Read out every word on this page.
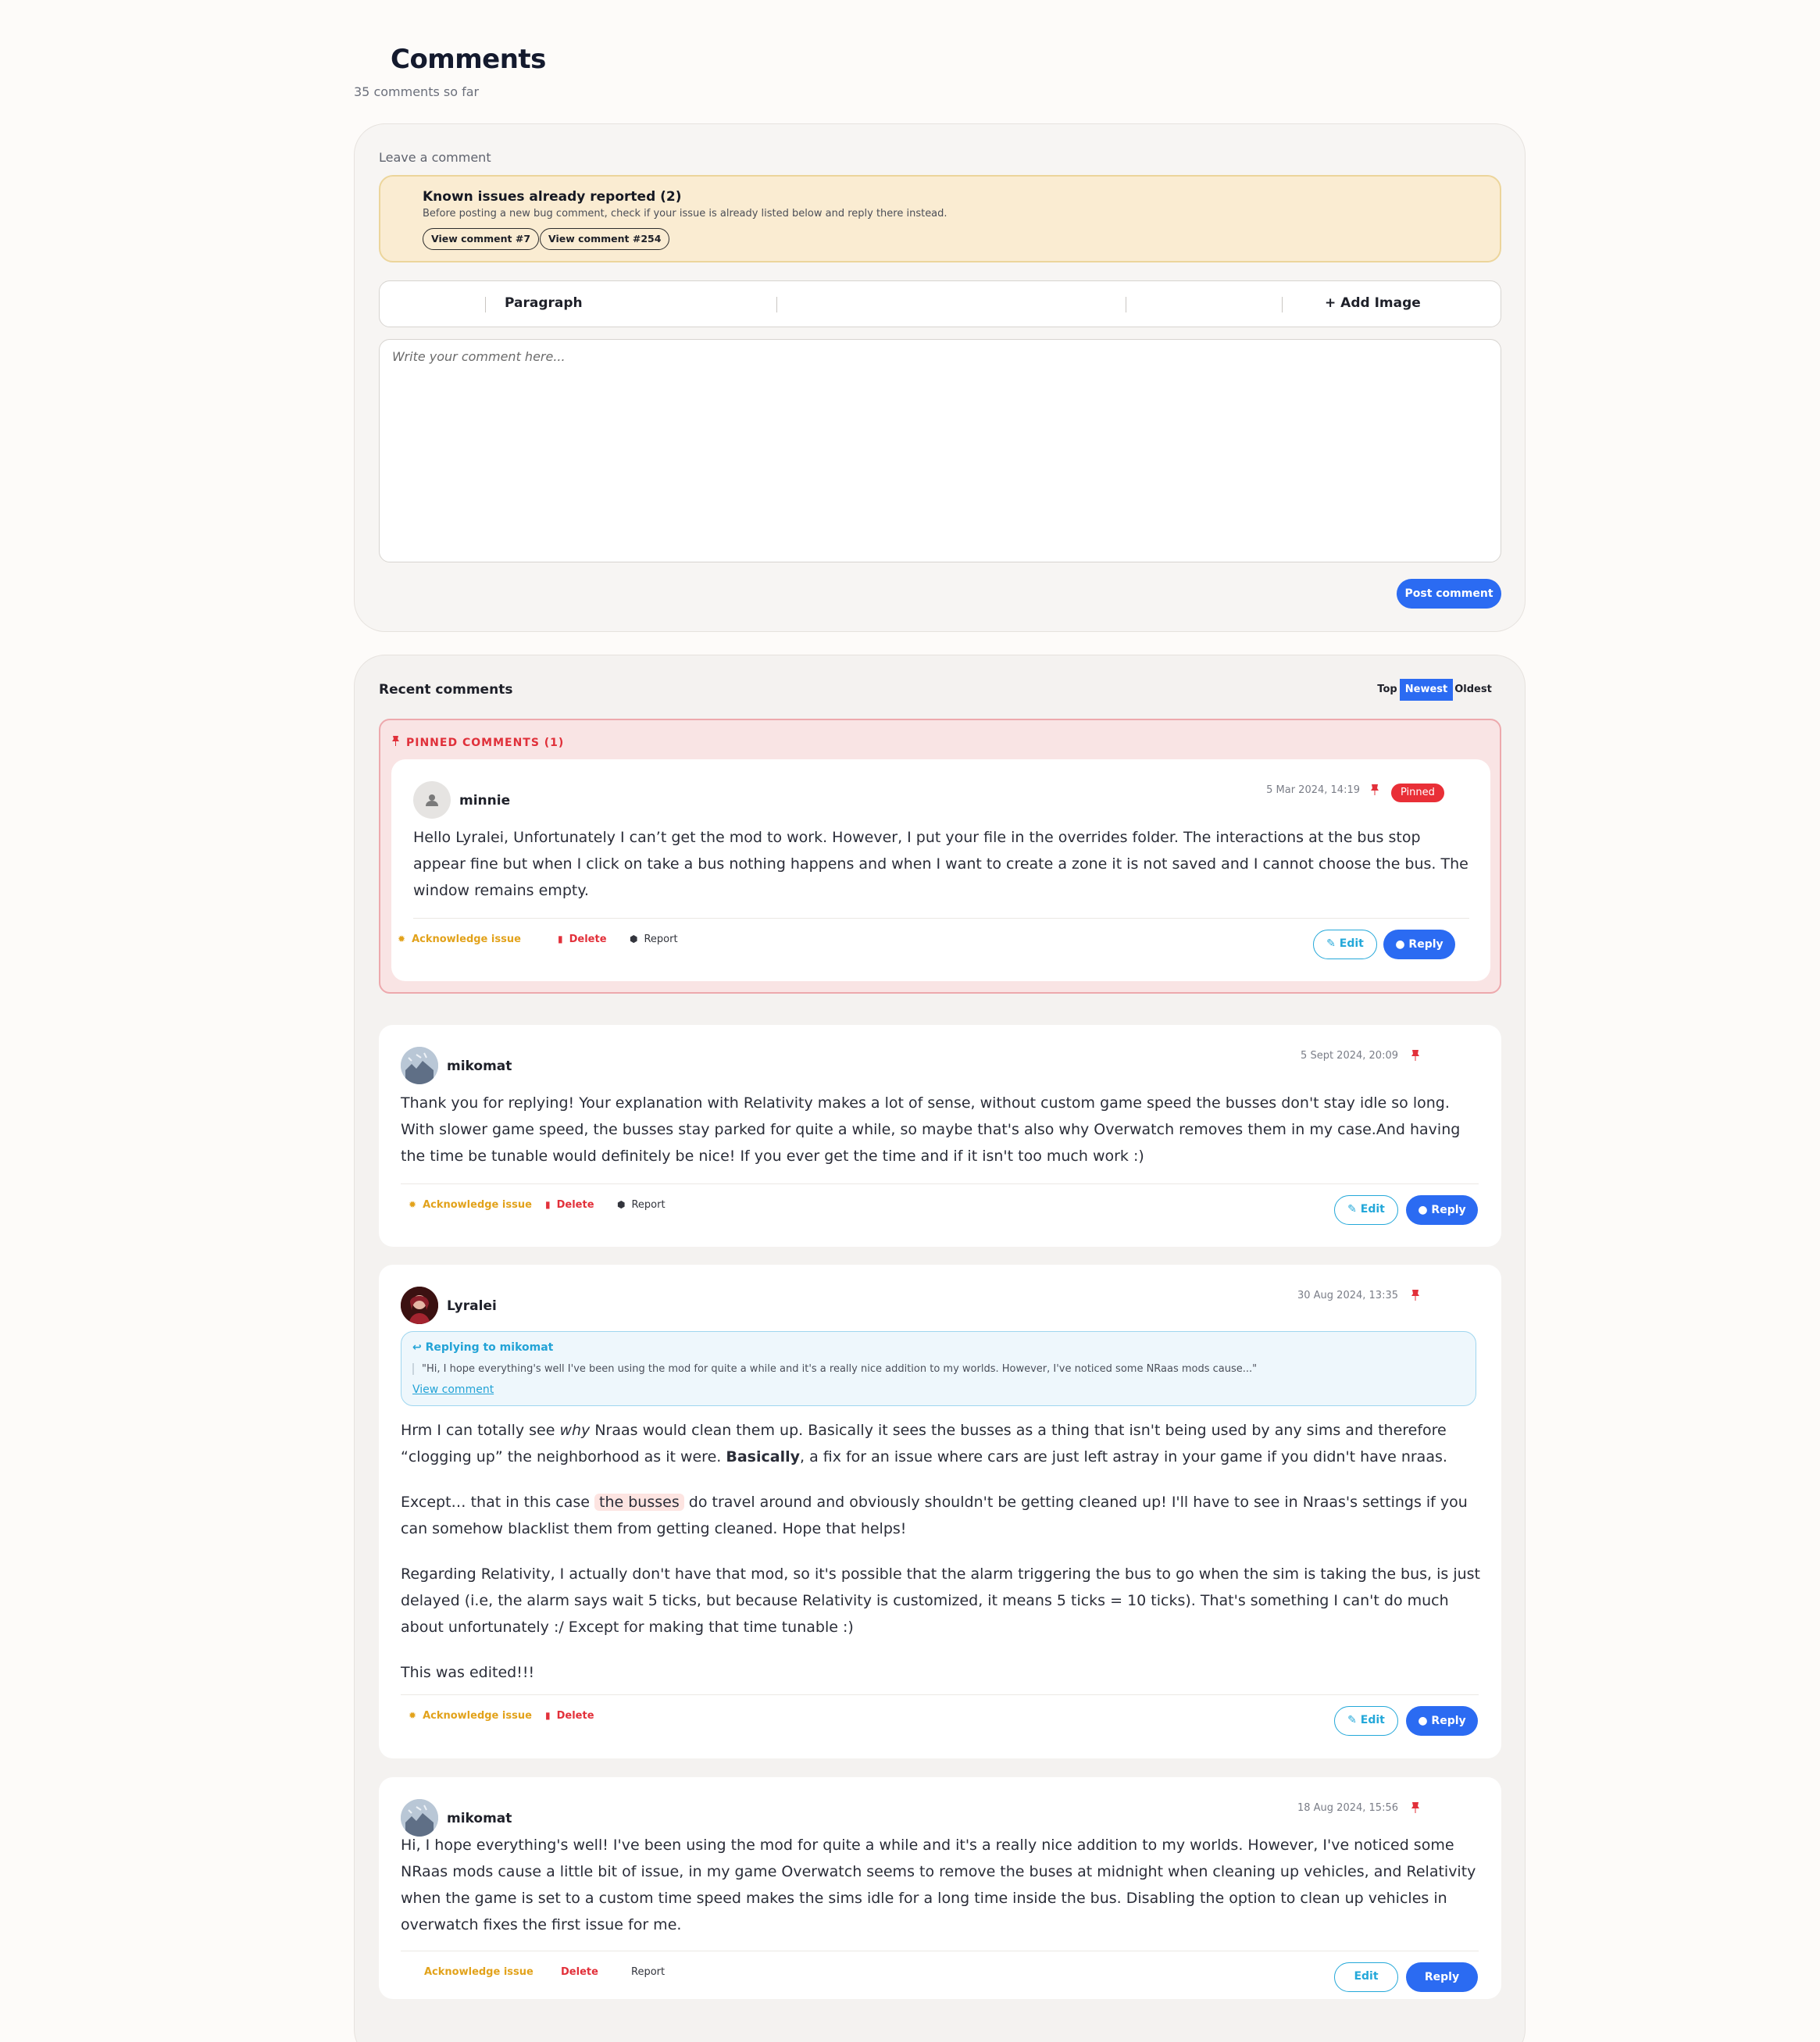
Comments
35 comments so far
Leave a comment
Known issues already reported (2)
Before posting a new bug comment, check if your issue is already listed below and reply there instead.
View comment #7	View comment #254
Paragraph	+ Add Image
Write your comment here...
Post comment
Recent comments	Top Newest Oldest
PINNED COMMENTS (1)
minnie
5 Mar 2024, 14:19	Pinned
Hello Lyralei, Unfortunately I can’t get the mod to work. However, I put your file in the overrides folder. The interactions at the bus stop appear fine but when I click on take a bus nothing happens and when I want to create a zone it is not saved and I cannot choose the bus. The window remains empty.
✹ Acknowledge issue	▮ Delete ⬢ Report	✎ Edit	● Reply
mikomat
5 Sept 2024, 20:09
Thank you for replying! Your explanation with Relativity makes a lot of sense, without custom game speed the busses don't stay idle so long. With slower game speed, the busses stay parked for quite a while, so maybe that's also why Overwatch removes them in my case.And having the time be tunable would definitely be nice! If you ever get the time and if it isn't too much work :)
✹ Acknowledge issue ▮ Delete ⬢ Report	✎ Edit	● Reply
Lyralei
30 Aug 2024, 13:35
↩ Replying to mikomat
"Hi, I hope everything's well I've been using the mod for quite a while and it's a really nice addition to my worlds. However, I've noticed some NRaas mods cause..."
View comment

Hrm I can totally see why Nraas would clean them up. Basically it sees the busses as a thing that isn't being used by any sims and therefore “clogging up” the neighborhood as it were. Basically, a fix for an issue where cars are just left astray in your game if you didn't have nraas.

Except… that in this case the busses do travel around and obviously shouldn't be getting cleaned up! I'll have to see in Nraas's settings if you can somehow blacklist them from getting cleaned. Hope that helps!

Regarding Relativity, I actually don't have that mod, so it's possible that the alarm triggering the bus to go when the sim is taking the bus, is just delayed (i.e, the alarm says wait 5 ticks, but because Relativity is customized, it means 5 ticks = 10 ticks). That's something I can't do much about unfortunately :/ Except for making that time tunable :)

This was edited!!!

✹ Acknowledge issue ▮ Delete	✎ Edit	● Reply
mikomat
18 Aug 2024, 15:56
Hi, I hope everything's well! I've been using the mod for quite a while and it's a really nice addition to my worlds. However, I've noticed some NRaas mods cause a little bit of issue, in my game Overwatch seems to remove the buses at midnight when cleaning up vehicles, and Relativity when the game is set to a custom time speed makes the sims idle for a long time inside the bus. Disabling the option to clean up vehicles in overwatch fixes the first issue for me.
Acknowledge issue	Delete	Report	Edit	Reply
